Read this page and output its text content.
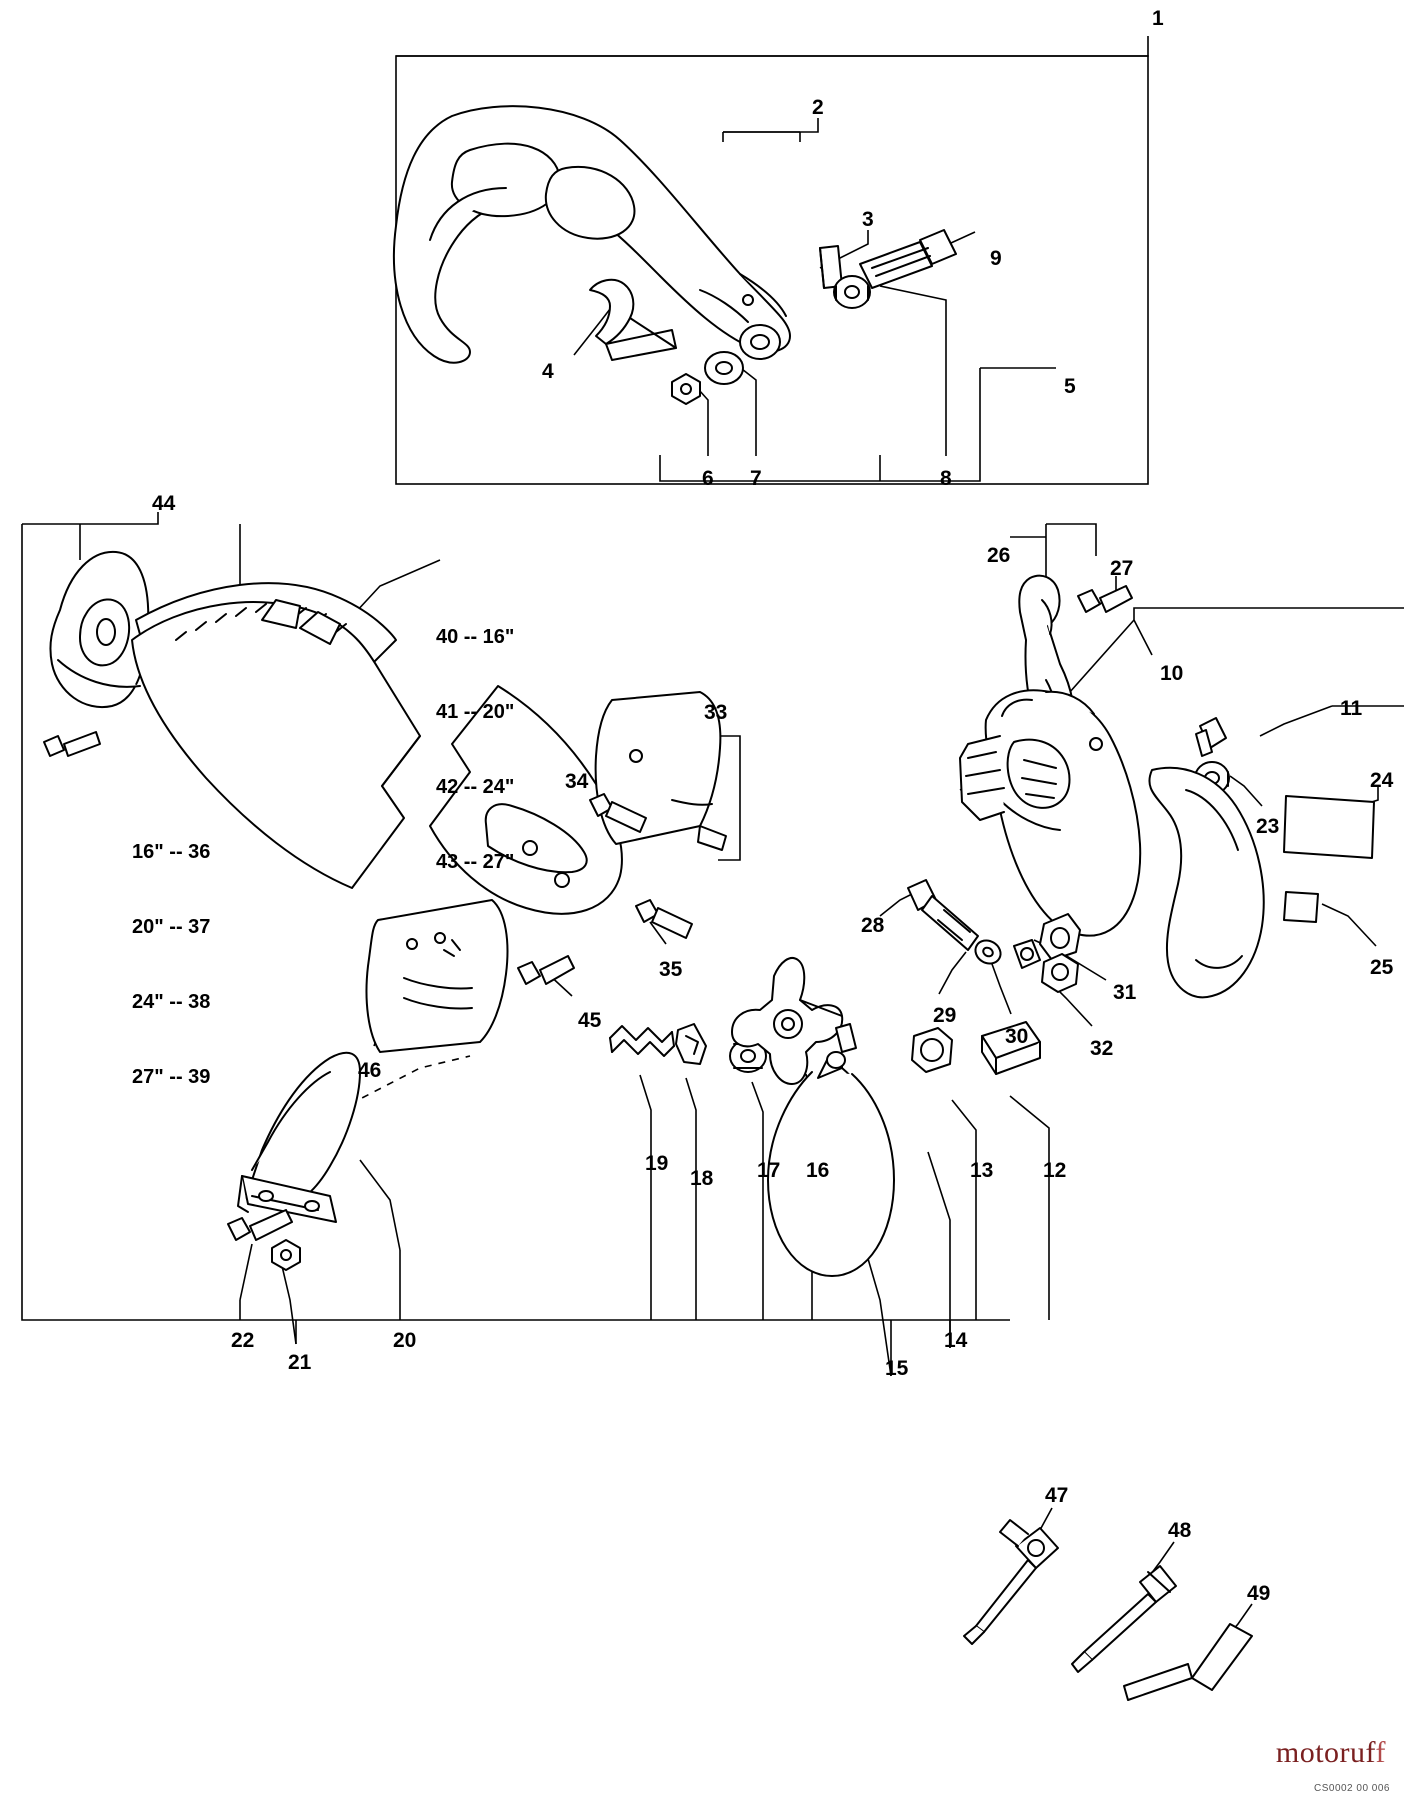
1
2
3
4
5
6 7	8
9
10
11
12
13
14
15
16
17
18
19
20
21
22
23
24
25
26
27
28
29
30
31
32
33
34
35
44
45
46
47
48
49

40 -- 16"

41 -- 20"

42 -- 24"

43 -- 27"

16" -- 36

20" -- 37

24" -- 38

27" -- 39

motoruff
CS0002 00 006
